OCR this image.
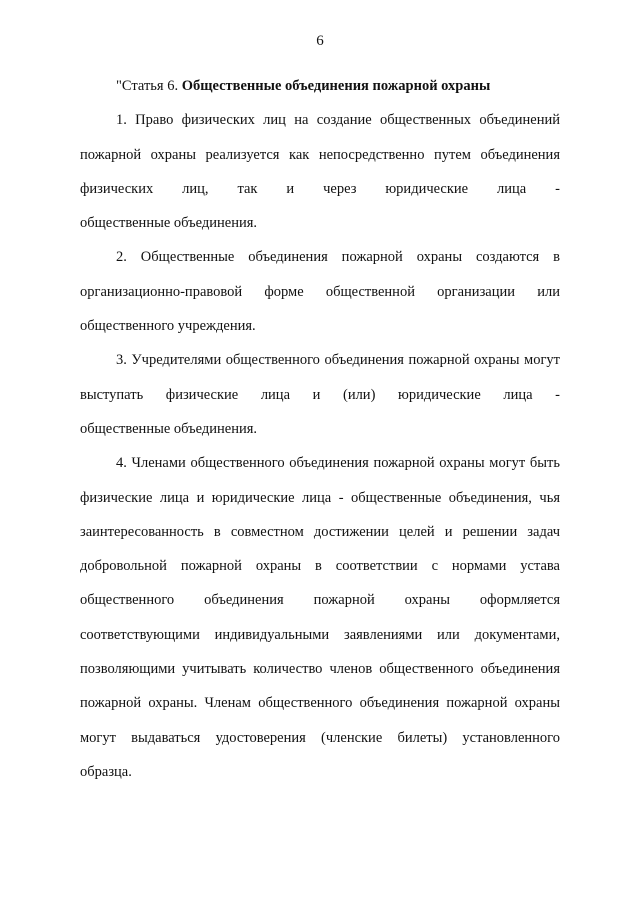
6
"Статья 6. Общественные объединения пожарной охраны
1. Право физических лиц на создание общественных объединений пожарной охраны реализуется как непосредственно путем объединения физических лиц, так и через юридические лица -
общественные объединения.
2. Общественные объединения пожарной охраны создаются в организационно-правовой форме общественной организации или
общественного учреждения.
3. Учредителями общественного объединения пожарной охраны могут выступать физические лица и (или) юридические лица -
общественные объединения.
4. Членами общественного объединения пожарной охраны могут быть физические лица и юридические лица - общественные объединения, чья заинтересованность в совместном достижении целей и решении задач добровольной пожарной охраны в соответствии с нормами устава общественного объединения пожарной охраны оформляется соответствующими индивидуальными заявлениями или документами, позволяющими учитывать количество членов общественного объединения пожарной охраны. Членам общественного объединения пожарной охраны могут выдаваться удостоверения (членские билеты) установленного
образца.
